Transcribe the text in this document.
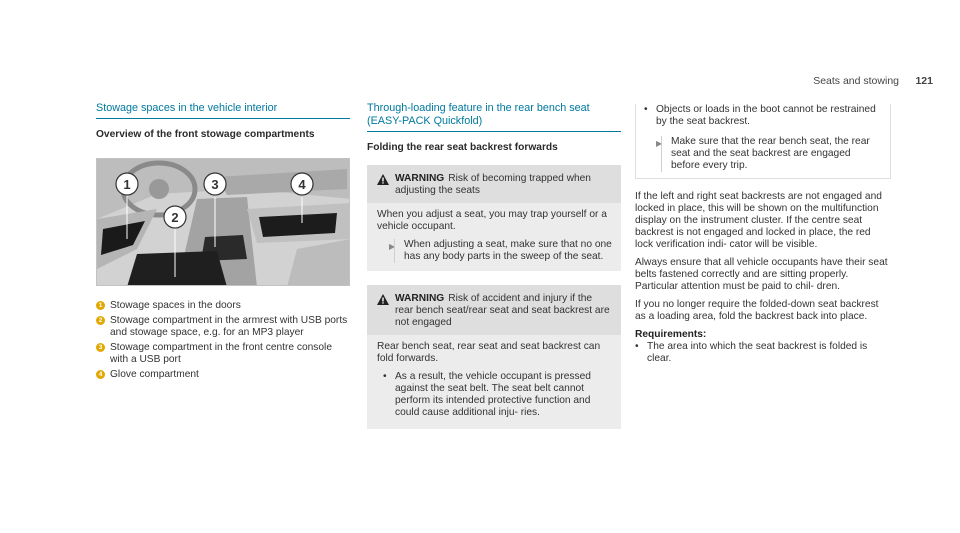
Seats and stowing 121
Stowage spaces in the vehicle interior
Overview of the front stowage compartments
1
2
3	4
1 Stowage spaces in the doors
2 Stowage compartment in the armrest with USB ports and stowage space, e.g. for an MP3 player
3 Stowage compartment in the front centre console with a USB port
4 Glove compartment
Through-loading feature in the rear bench seat (EASY-PACK Quickfold)
Folding the rear seat backrest forwards
WARNING Risk of becoming trapped when adjusting the seats

When you adjust a seat, you may trap yourself or a vehicle occupant.

▶ When adjusting a seat, make sure that no one has any body parts in the sweep of the seat.
WARNING Risk of accident and injury if the rear bench seat/rear seat and seat backrest are not engaged

Rear bench seat, rear seat and seat backrest can fold forwards.

• As a result, the vehicle occupant is pressed against the seat belt. The seat belt cannot perform its intended protective function and could cause additional inju- ries.
• Objects or loads in the boot cannot be restrained by the seat backrest.
▶ Make sure that the rear bench seat, the rear seat and the seat backrest are engaged before every trip.

If the left and right seat backrests are not engaged and locked in place, this will be shown on the multifunction display on the instrument cluster. If the centre seat backrest is not engaged and locked in place, the red lock verification indi- cator will be visible.

Always ensure that all vehicle occupants have their seat belts fastened correctly and are sitting properly. Particular attention must be paid to chil- dren.

If you no longer require the folded-down seat backrest as a loading area, fold the backrest back into place.

Requirements:
• The area into which the seat backrest is folded is clear.
